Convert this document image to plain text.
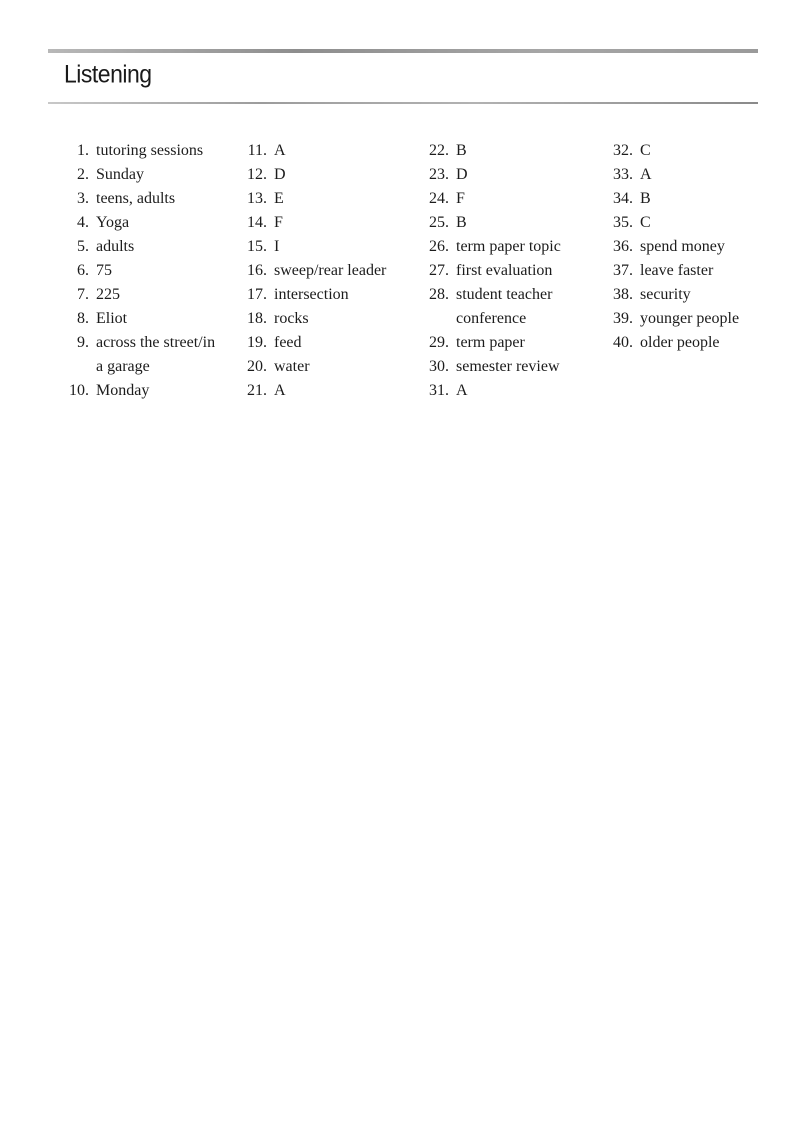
Listening
1. tutoring sessions
2. Sunday
3. teens, adults
4. Yoga
5. adults
6. 75
7. 225
8. Eliot
9. across the street/in
a garage
10. Monday
11. A
12. D
13. E
14. F
15. I
16. sweep/rear leader
17. intersection
18. rocks
19. feed
20. water
21. A
22. B
23. D
24. F
25. B
26. term paper topic
27. first evaluation
28. student teacher
conference
29. term paper
30. semester review
31. A
32. C
33. A
34. B
35. C
36. spend money
37. leave faster
38. security
39. younger people
40. older people
